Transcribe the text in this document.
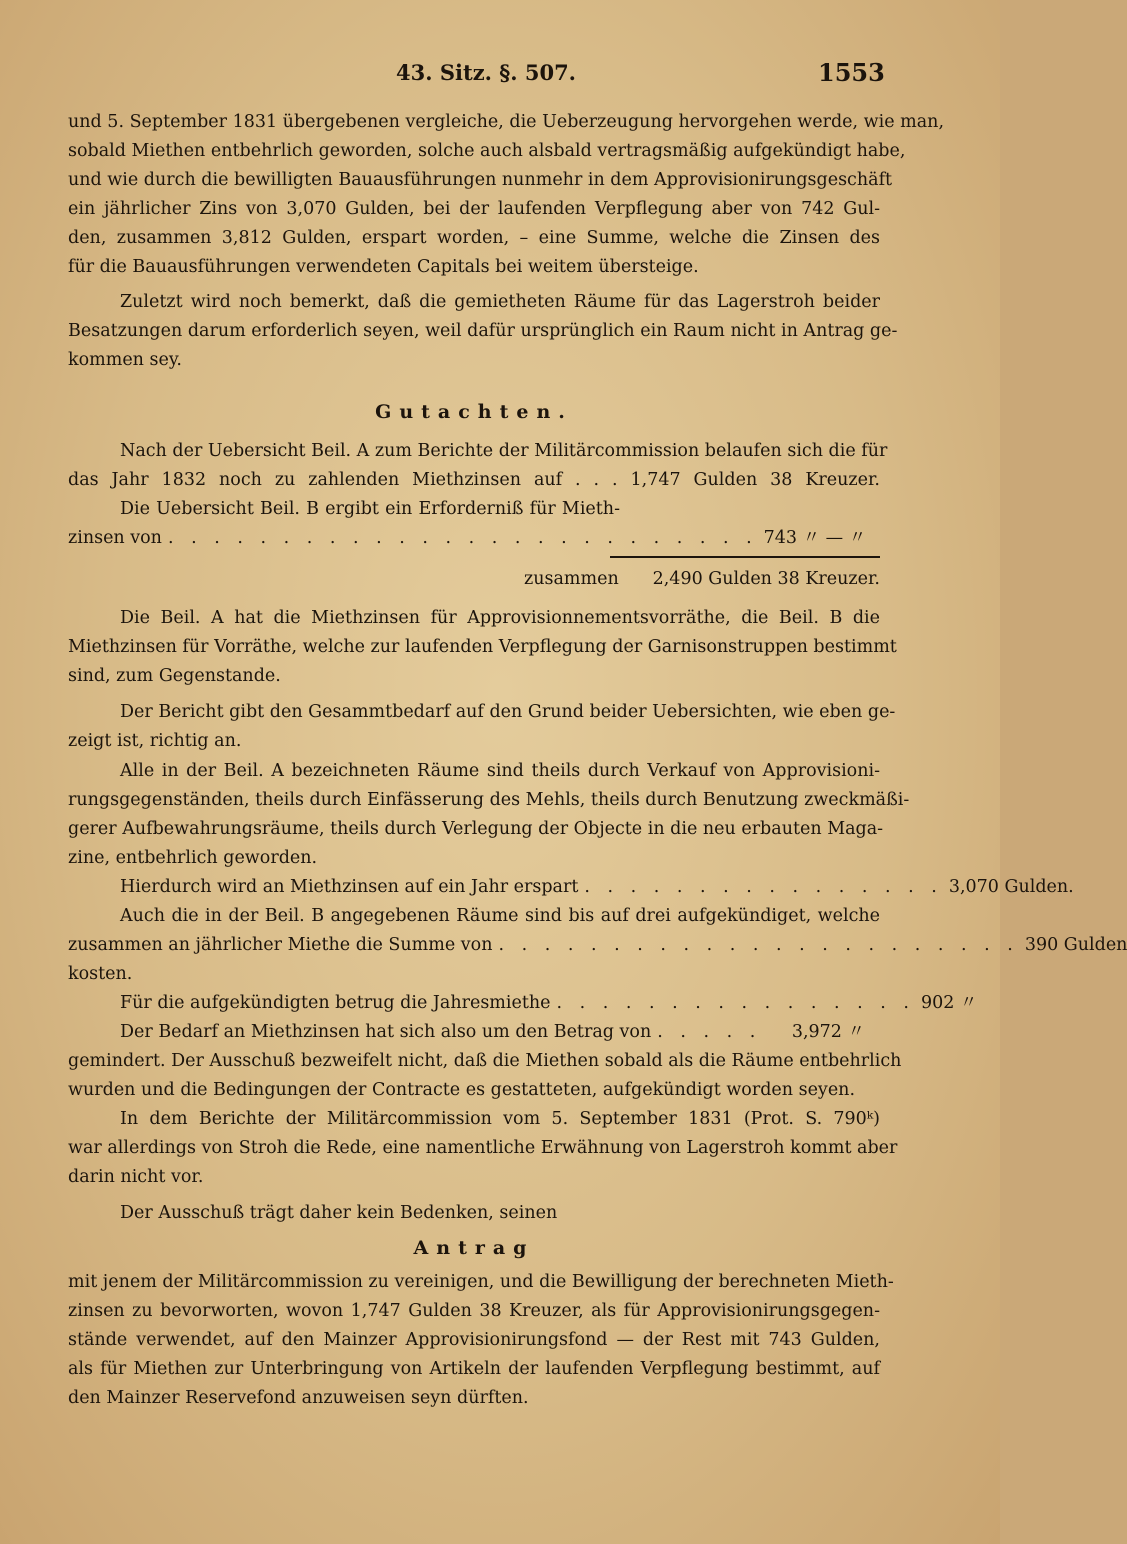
43. Sitz. §. 507.	1553
und 5. September 1831 übergebenen vergleiche, die Ueberzeugung hervorgehen werde, wie man,
sobald Miethen entbehrlich geworden, solche auch alsbald vertragsmäßig aufgekündigt habe,
und wie durch die bewilligten Bauausführungen nunmehr in dem Approvisionirungsgeschäft
ein jährlicher Zins von 3,070 Gulden, bei der laufenden Verpflegung aber von 742 Gul-
den, zusammen 3,812 Gulden, erspart worden, – eine Summe, welche die Zinsen des
für die Bauausführungen verwendeten Capitals bei weitem übersteige.
Zuletzt wird noch bemerkt, daß die gemietheten Räume für das Lagerstroh beider
Besatzungen darum erforderlich seyen, weil dafür ursprünglich ein Raum nicht in Antrag ge-
kommen sey.
Gutachten.
Nach der Uebersicht Beil. A zum Berichte der Militärcommission belaufen sich die für
das Jahr 1832 noch zu zahlenden Miethzinsen auf . . . 1,747 Gulden 38 Kreuzer.
Die Uebersicht Beil. B ergibt ein Erforderniß für Mieth-
zinsen von . . . . . . . . . . . . . . . . . . . . . . . . . . 743 〃 — 〃
zusammen	2,490 Gulden 38 Kreuzer.
Die Beil. A hat die Miethzinsen für Approvisionnementsvorräthe, die Beil. B die
Miethzinsen für Vorräthe, welche zur laufenden Verpflegung der Garnisonstruppen bestimmt
sind, zum Gegenstande.
Der Bericht gibt den Gesammtbedarf auf den Grund beider Uebersichten, wie eben ge-
zeigt ist, richtig an.
Alle in der Beil. A bezeichneten Räume sind theils durch Verkauf von Approvisioni-
rungsgegenständen, theils durch Einfässerung des Mehls, theils durch Benutzung zweckmäßi-
gerer Aufbewahrungsräume, theils durch Verlegung der Objecte in die neu erbauten Maga-
zine, entbehrlich geworden.
Hierdurch wird an Miethzinsen auf ein Jahr erspart . . . . . . . . . . . . . . . . 3,070 Gulden.
Auch die in der Beil. B angegebenen Räume sind bis auf drei aufgekündiget, welche
zusammen an jährlicher Miethe die Summe von . . . . . . . . . . . . . . . . . . . . . . . 390 Gulden
kosten.
Für die aufgekündigten betrug die Jahresmiethe . . . . . . . . . . . . . . . . 902 〃
Der Bedarf an Miethzinsen hat sich also um den Betrag von . . . . .	3,972 〃
gemindert. Der Ausschuß bezweifelt nicht, daß die Miethen sobald als die Räume entbehrlich
wurden und die Bedingungen der Contracte es gestatteten, aufgekündigt worden seyen.
In dem Berichte der Militärcommission vom 5. September 1831 (Prot. S. 790ᵏ)
war allerdings von Stroh die Rede, eine namentliche Erwähnung von Lagerstroh kommt aber
darin nicht vor.
Der Ausschuß trägt daher kein Bedenken, seinen
Antrag
mit jenem der Militärcommission zu vereinigen, und die Bewilligung der berechneten Mieth-
zinsen zu bevorworten, wovon 1,747 Gulden 38 Kreuzer, als für Approvisionirungsgegen-
stände verwendet, auf den Mainzer Approvisionirungsfond — der Rest mit 743 Gulden,
als für Miethen zur Unterbringung von Artikeln der laufenden Verpflegung bestimmt, auf
den Mainzer Reservefond anzuweisen seyn dürften.
